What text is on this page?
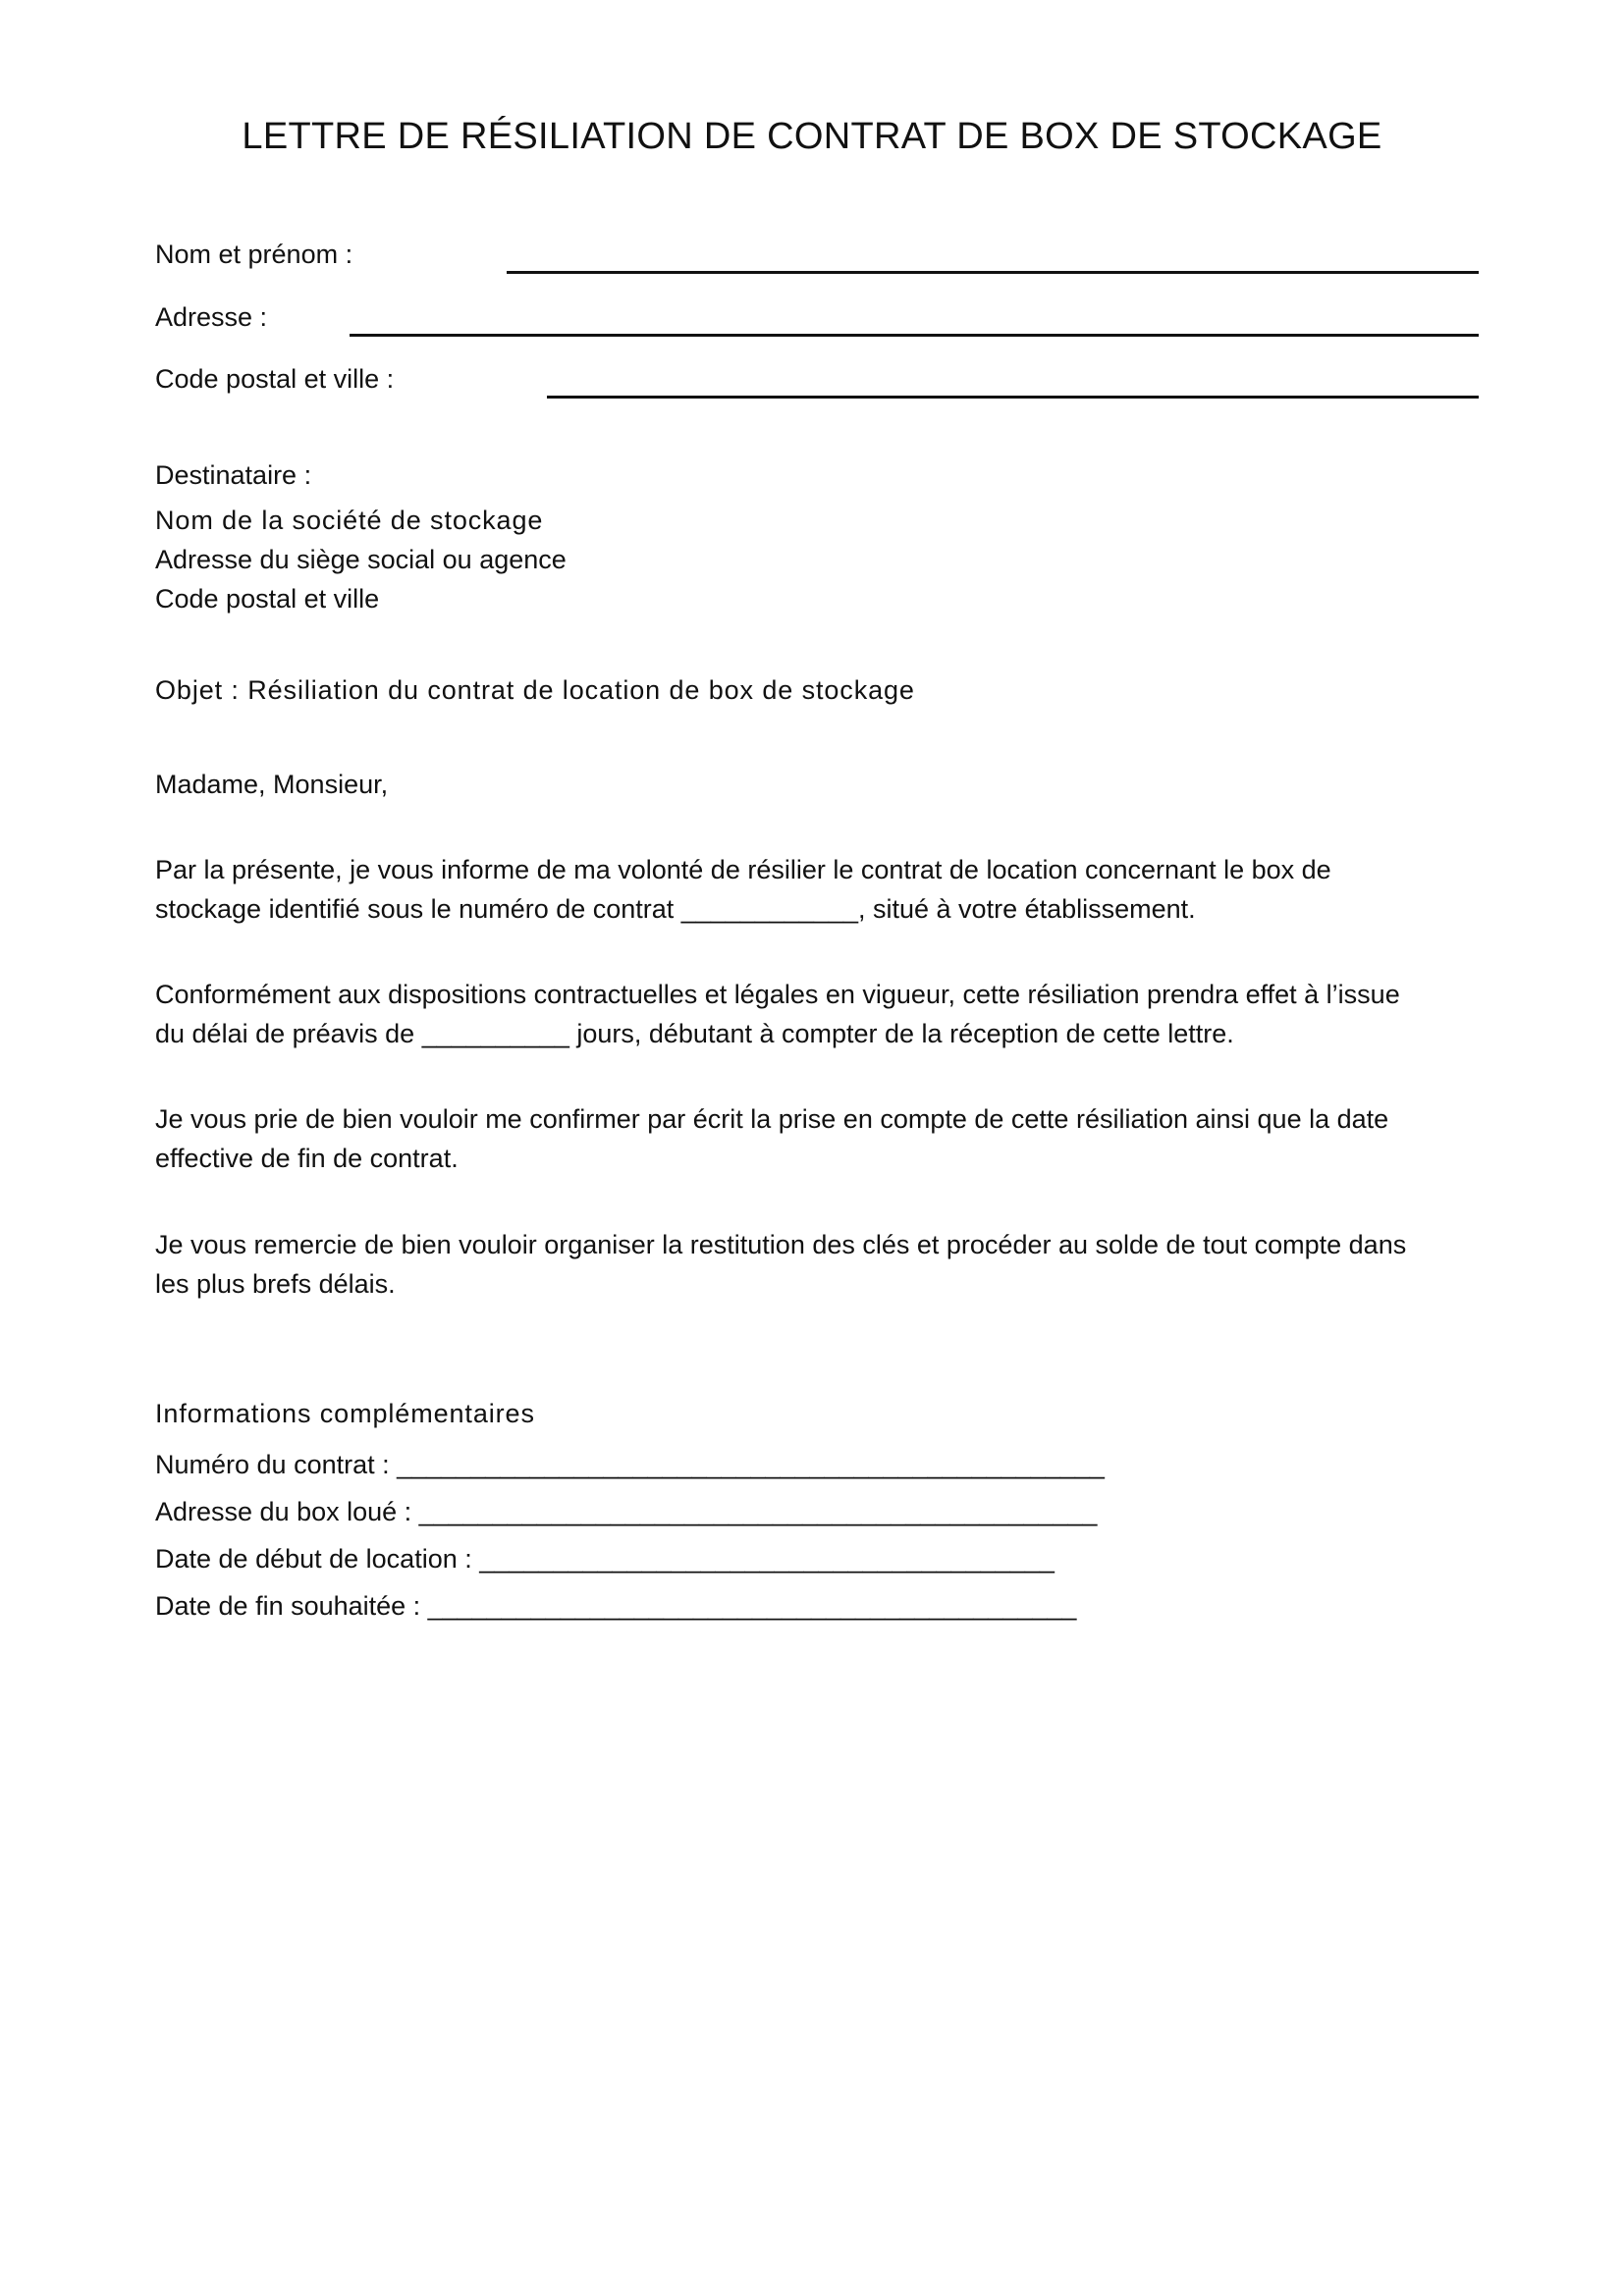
LETTRE DE RÉSILIATION DE CONTRAT DE BOX DE STOCKAGE
Nom et prénom :
Adresse :
Code postal et ville :
Destinataire :
Nom de la société de stockage
Adresse du siège social ou agence
Code postal et ville
Objet : Résiliation du contrat de location de box de stockage
Madame, Monsieur,
Par la présente, je vous informe de ma volonté de résilier le contrat de location concernant le box de
stockage identifié sous le numéro de contrat ____________, situé à votre établissement.
Conformément aux dispositions contractuelles et légales en vigueur, cette résiliation prendra effet à l’issue
du délai de préavis de __________ jours, débutant à compter de la réception de cette lettre.
Je vous prie de bien vouloir me confirmer par écrit la prise en compte de cette résiliation ainsi que la date
effective de fin de contrat.
Je vous remercie de bien vouloir organiser la restitution des clés et procéder au solde de tout compte dans
les plus brefs délais.
Informations complémentaires
Numéro du contrat : ________________________________________________
Adresse du box loué : ______________________________________________
Date de début de location : _______________________________________
Date de fin souhaitée : ____________________________________________
